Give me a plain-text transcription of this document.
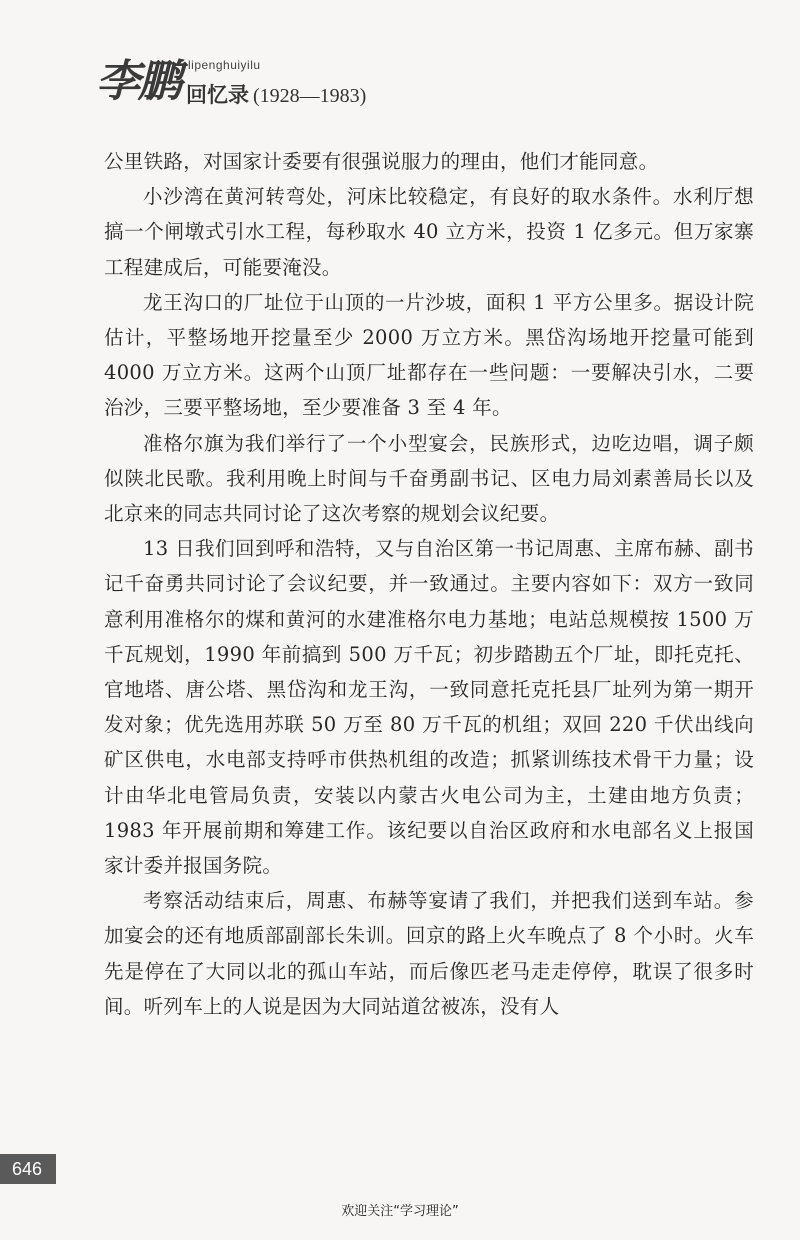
李鹏 lipenghuiyilu
回忆录 (1928—1983)

公里铁路，对国家计委要有很强说服力的理由，他们才能同意。

小沙湾在黄河转弯处，河床比较稳定，有良好的取水条件。水利厅想搞一个闸墩式引水工程，每秒取水 40 立方米，投资 1 亿多元。但万家寨工程建成后，可能要淹没。

龙王沟口的厂址位于山顶的一片沙坡，面积 1 平方公里多。据设计院估计，平整场地开挖量至少 2000 万立方米。黑岱沟场地开挖量可能到 4000 万立方米。这两个山顶厂址都存在一些问题：一要解决引水，二要治沙，三要平整场地，至少要准备 3 至 4 年。

准格尔旗为我们举行了一个小型宴会，民族形式，边吃边唱，调子颇似陕北民歌。我利用晚上时间与千奋勇副书记、区电力局刘素善局长以及北京来的同志共同讨论了这次考察的规划会议纪要。

13 日我们回到呼和浩特，又与自治区第一书记周惠、主席布赫、副书记千奋勇共同讨论了会议纪要，并一致通过。主要内容如下：双方一致同意利用准格尔的煤和黄河的水建准格尔电力基地；电站总规模按 1500 万千瓦规划，1990 年前搞到 500 万千瓦；初步踏勘五个厂址，即托克托、官地塔、唐公塔、黑岱沟和龙王沟，一致同意托克托县厂址列为第一期开发对象；优先选用苏联 50 万至 80 万千瓦的机组；双回 220 千伏出线向矿区供电，水电部支持呼市供热机组的改造；抓紧训练技术骨干力量；设计由华北电管局负责，安装以内蒙古火电公司为主，土建由地方负责；1983 年开展前期和筹建工作。该纪要以自治区政府和水电部名义上报国家计委并报国务院。

考察活动结束后，周惠、布赫等宴请了我们，并把我们送到车站。参加宴会的还有地质部副部长朱训。回京的路上火车晚点了 8 个小时。火车先是停在了大同以北的孤山车站，而后像匹老马走走停停，耽误了很多时间。听列车上的人说是因为大同站道岔被冻，没有人

646
欢迎关注“学习理论”
